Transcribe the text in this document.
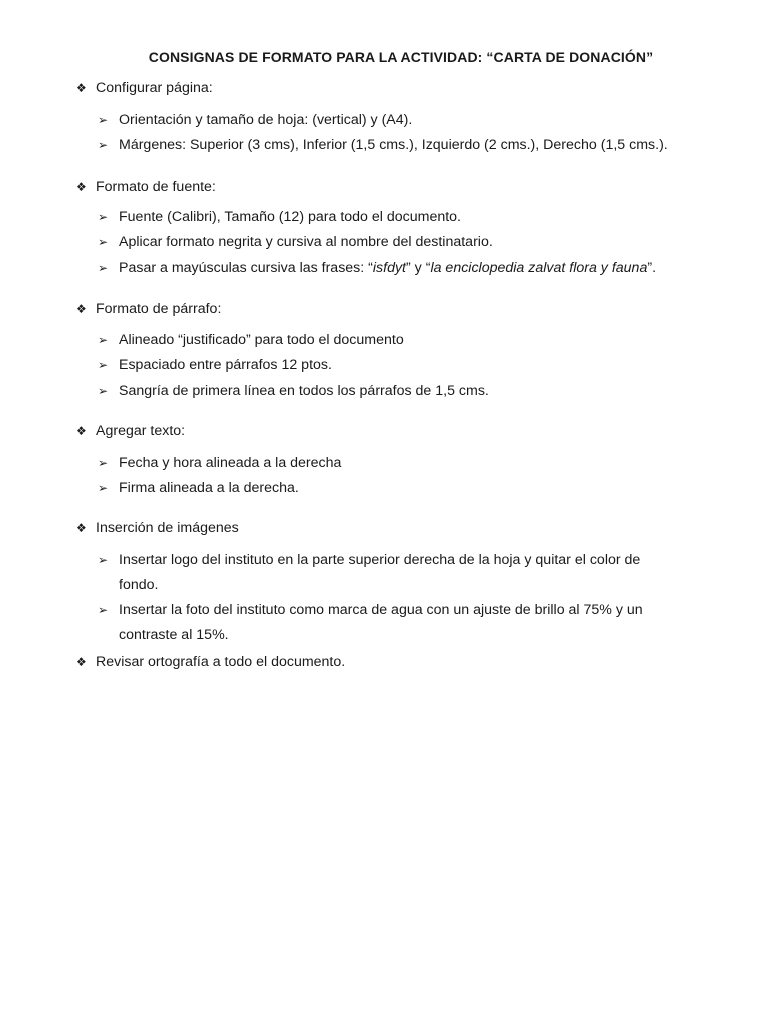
CONSIGNAS DE FORMATO PARA LA ACTIVIDAD: “CARTA DE DONACIÓN”
❖ Configurar página:
➢ Orientación y tamaño de hoja: (vertical) y (A4).
➢ Márgenes: Superior (3 cms), Inferior (1,5 cms.), Izquierdo (2 cms.), Derecho (1,5 cms.).
❖ Formato de fuente:
➢ Fuente (Calibri), Tamaño (12) para todo el documento.
➢ Aplicar formato negrita y cursiva al nombre del destinatario.
➢ Pasar a mayúsculas cursiva las frases: “isfdyt” y “la enciclopedia zalvat flora y fauna”.
❖ Formato de párrafo:
➢ Alineado “justificado” para todo el documento
➢ Espaciado entre párrafos 12 ptos.
➢ Sangría de primera línea en todos los párrafos de 1,5 cms.
❖ Agregar texto:
➢ Fecha y hora alineada a la derecha
➢ Firma alineada a la derecha.
❖ Inserción de imágenes
➢ Insertar logo del instituto en la parte superior derecha de la hoja y quitar el color de
fondo.
➢ Insertar la foto del instituto como marca de agua con un ajuste de brillo al 75% y un
contraste al 15%.
❖ Revisar ortografía a todo el documento.
